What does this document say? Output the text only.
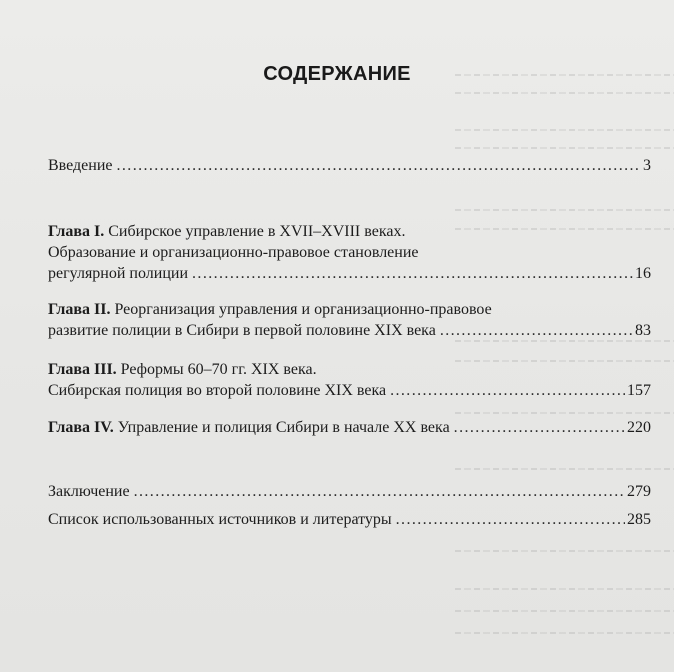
СОДЕРЖАНИЕ
Введение .....	3
Глава I. Сибирское управление в XVII–XVIII веках.
Образование и организационно-правовое становление
регулярной полиции .....	16
Глава II. Реорганизация управления и организационно-правовое
развитие полиции в Сибири в первой половине XIX века .....	83
Глава III. Реформы 60–70 гг. XIX века.
Сибирская полиция во второй половине XIX века .....	157
Глава IV. Управление и полиция Сибири в начале XX века .....	220
Заключение .....	279
Список использованных источников и литературы .....	285
